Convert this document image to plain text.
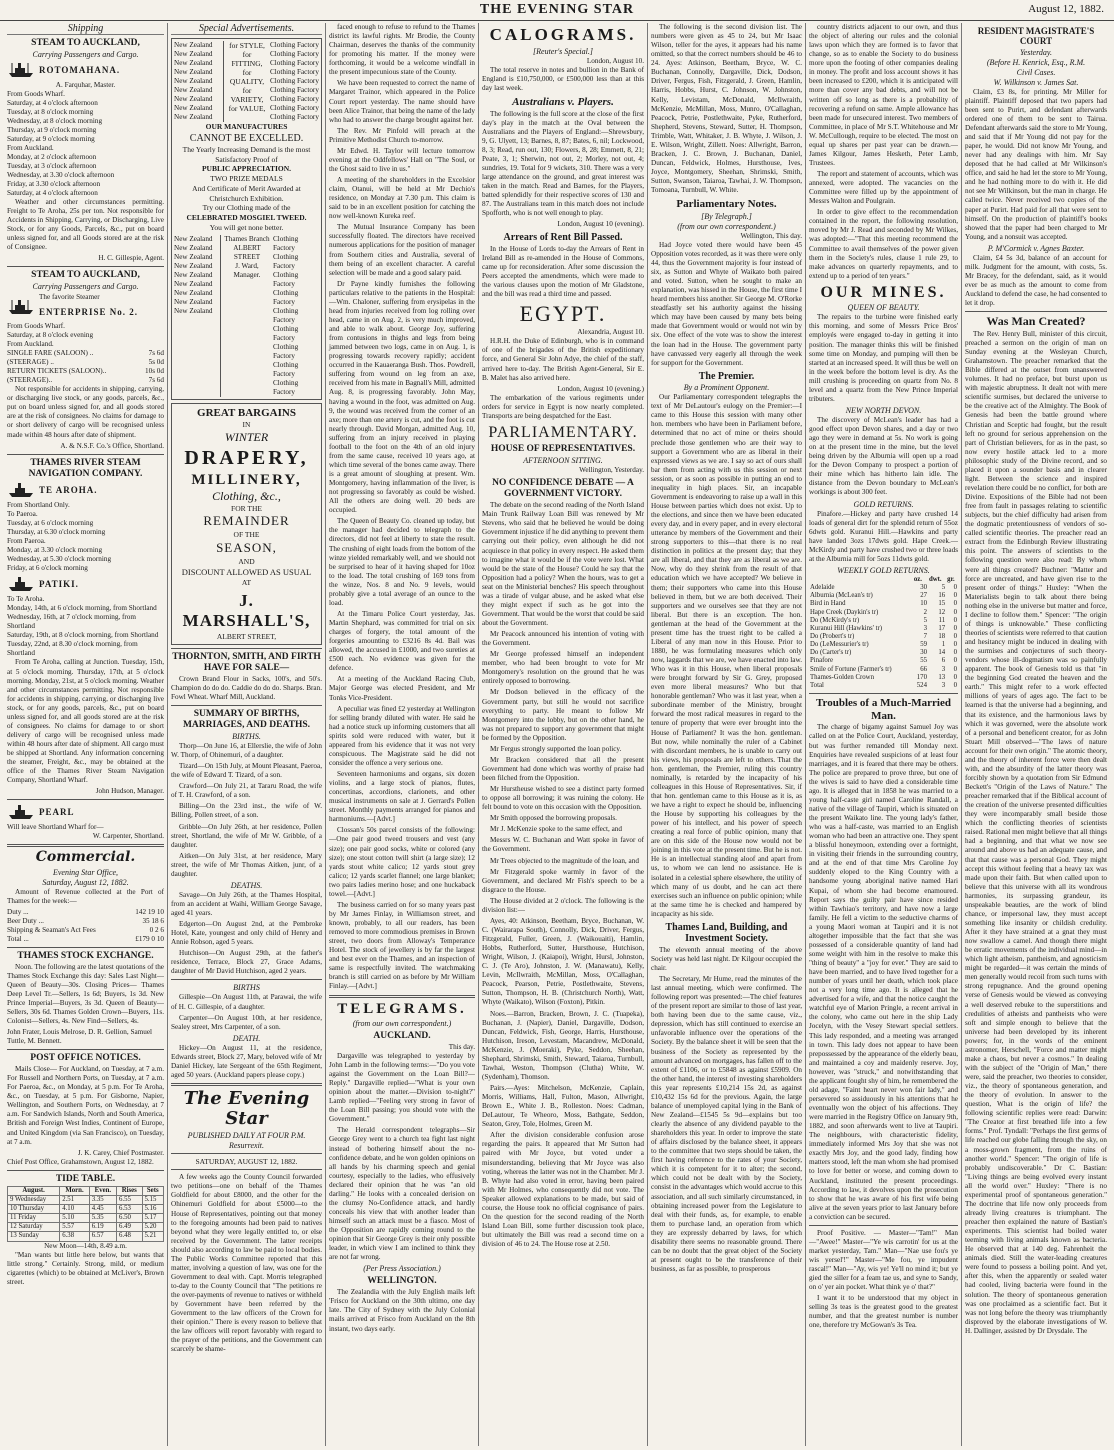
THE EVENING STAR	August 12, 1882.
Shipping
STEAM TO AUCKLAND,
Carrying Passengers and Cargo.
ROTOMAHANA.
A. Farquhar, Master.
From Goods Wharf.
Saturday, at 4 o'clock afternoon
Tuesday, at 8 o'clock morning
Wednesday, at 8 o'clock morning
Thursday, at 9 o'clock morning
Saturday, at 9 o'clock morning
From Auckland.
Monday, at 2 o'clock afternoon
Tuesday, at 3 o'clock afternoon
Wednesday, at 3.30 o'clock afternoon
Friday, at 3.30 o'clock afternoon
Saturday, at 4 o'clock afternoon

Weather and other circumstances permitting. Freight to Te Aroha, 25s per ton. Not responsible for Accidents in Shipping, Carrying, or Discharging, Live Stock, or for any Goods, Parcels, &c., put on board unless signed for, and all Goods stored are at the risk of Consignee.

H. C. Gillespie, Agent.
STEAM TO AUCKLAND,
Carrying Passengers and Cargo.
The favorite Steamer
ENTERPRISE No. 2.
From Goods Wharf.
Saturday, at 8 o'clock evening
From Auckland.
SINGLE FARE (SALOON) ..	7s 6d
(STEERAGE) ..	5s 0d
RETURN TICKETS (SALOON)..	10s 0d
(STEERAGE)..	7s 6d

Not responsible for accidents in shipping, carrying, or discharging live stock, or any goods, parcels, &c., put on board unless signed for, and all goods stored are at the risk of consignees. No claims for damage to or short delivery of cargo will be recognised unless made within 48 hours after date of shipment.

A. & N.S.F. Co.'s Office, Shortland.
THAMES RIVER STEAM NAVIGATION COMPANY.
TE AROHA.
From Shortland Only.
To Paeroa.
Tuesday, at 6 o'clock morning
Thursday, at 6.30 o'clock morning
From Paeroa.
Monday, at 3.30 o'clock morning
Wednesday, at 5.30 o'clock morning
Friday, at 6 o'clock morning
PATIKI.
To Te Aroha.
Monday, 14th, at 6 o'clock morning, from Shortland
Wednesday, 16th, at 7 o'clock morning, from Shortland
Saturday, 19th, at 8 o'clock morning, from Shortland
Tuesday, 22nd, at 8.30 o'clock morning, from Shortland

From Te Aroha, calling at Junction. Tuesday, 15th, at 5 o'clock morning. Thursday, 17th, at 5 o'clock morning. Monday, 21st, at 5 o'clock morning. Weather and other circumstances permitting. Not responsible for accidents in shipping, carrying, or discharging live stock, or for any goods, parcels, &c., put on board unless signed for, and all goods stored are at the risk of consignees. No claims for damage to or short delivery of cargo will be recognised unless made within 48 hours after date of shipment. All cargo must be shipped at Shortland. Any information concerning the steamer, Freight, &c., may be obtained at the office of the Thames River Steam Navigation Company, Shortland Wharf.

John Hudson, Manager.
PEARL
Will leave Shortland Wharf for—
W. Carpenter, Shortland.
Commercial.
Evening Star Office,
Saturday, August 12, 1882.

Amount of Revenue collected at the Port of Thames for the week:—

Duty ...	142 19 10
Beer Duty ...	35 18 6
Shipping & Seaman's Act Fees	0 2 6
Total ...	£179 0 10
THAMES STOCK EXCHANGE.

Noon. The following are the latest quotations of the Thames Stock Exchange this day: Sales Last Night— Queen of Beauty—30s. Closing Prices— Thames Deep Level Tr.—Sellers, 1s 6d; Buyers, 1s 3d. New Prince Imperial—Buyers, 3s 3d. Queen of Beauty—Sellers, 30s 6d. Thames Golden Crown—Buyers, 11s. Colonist—Sellers, 4s. New Find—Sellers, 4s.

John Frater, Louis Melrose, D. R. Gellion, Samuel Tuttle, M. Bennett.
POST OFFICE NOTICES.

Mails Close— For Auckland, on Tuesday, at 7 a.m. For Russell and Northern Ports, on Tuesday, at 7 a.m. For Paeroa, &c., on Monday, at 5 p.m. For Te Aroha, &c., on Tuesday, at 5 p.m. For Gisborne, Napier, Wellington, and Southern Ports, on Wednesday, at 7 a.m. For Sandwich Islands, North and South America, British and Foreign West Indies, Continent of Europe, and United Kingdom (via San Francisco), on Tuesday, at 7 a.m.

J. K. Carey, Chief Postmaster.
Chief Post Office, Grahamstown, August 12, 1882.
TIDE TABLE.
August.	Morn.	Even.	Rises	Sets
9 Wednesday	2.51	3.35	6.55	5.15
10 Thursday	4.10	4.45	6.53	5.16
11 Friday	5.10	5.35	6.50	5.17
12 Saturday	5.57	6.19	6.49	5.20
13 Sunday	6.38	6.57	6.48	5.21
New Moon—14th, 8.49 a.m.

"Man wants but little here below, but wants that little strong." Certainly. Strong, mild, or medium cigarettes (which) to be obtained at McLiver's, Brown street.

Special Advertisements.
New Zealand
New Zealand
New Zealand
New Zealand
New Zealand
New Zealand
New Zealand
New Zealand
New Zealand
for STYLE, for FITTING, for QUALITY, for VARIETY, for VALUE,
Clothing Factory
Clothing Factory
Clothing Factory
Clothing Factory
Clothing Factory
Clothing Factory
Clothing Factory
Clothing Factory
Clothing Factory
OUR MANUFACTURES
CANNOT BE EXCELLED.
The Yearly Increasing Demand is the most Satisfactory Proof of
PUBLIC APPRECIATION.
TWO PRIZE MEDALS
And Certificate of Merit Awarded at Christchurch Exhibition.
Try our Clothing made of the
CELEBRATED MOSGIEL TWEED.
You will get none better.
New Zealand
New Zealand
New Zealand
New Zealand
New Zealand
New Zealand
New Zealand
New Zealand
New Zealand
Thames Branch
ALBERT STREET
J. Ward,
Manager.
Clothing Factory
Clothing Factory
Clothing Factory
Clothing Factory
Clothing Factory
Clothing Factory
Clothing Factory
Clothing Factory
Clothing Factory
GREAT BARGAINS
IN
WINTER
DRAPERY,
MILLINERY,
Clothing, &c.,
FOR THE
REMAINDER
OF THE
SEASON,
AND
DISCOUNT ALLOWED AS USUAL
AT
J. MARSHALL'S,
ALBERT STREET,
THORNTON, SMITH, AND FIRTH HAVE FOR SALE—

Crown Brand Flour in Sacks, 100's, and 50's. Champion do do do. Caddie do do do. Sharps. Bran. Fowl Wheat. Wharf Mill, Auckland.

SUMMARY OF BIRTHS, MARRIAGES, AND DEATHS.
BIRTHS.

Thorp—On June 16, at Ellerslie, the wife of John W. Thorp, of Ohinemuri, of a daughter.

Tizard—On 15th July, at Mount Pleasant, Paeroa, the wife of Edward T. Tizard, of a son.

Crawford—On July 21, at Tararu Road, the wife of T. H. Crawford, of a son.

Billing—On the 23rd inst., the wife of W. Billing, Pollen street, of a son.

Gribble—On July 26th, at her residence, Pollen street, Shortland, the wife of Mr W. Gribble, of a daughter.

Aitken—On July 31st, at her residence, Mary street, the wife of Mr Thomas Aitken, junr, of a daughter.

DEATHS.

Savage—On July 26th, at the Thames Hospital, from an accident at Waihi, William George Savage, aged 41 years.

Edgerton—On August 2nd, at the Pembroke Hotel, Kate, youngest and only child of Henry and Annie Robson, aged 5 years.

Hutchison—On August 29th, at the father's residence, Terrace, Block 27, Grace Adams, daughter of Mr David Hutchison, aged 2 years.

BIRTHS

Gillespie—On August 11th, at Parawai, the wife of H. C. Gillespie, of a daughter.

Carpenter—On August 10th, at her residence, Sealey street, Mrs Carpenter, of a son.

DEATH.

Hickey—On August 11, at the residence, Edwards street, Block 27, Mary, beloved wife of Mr Daniel Hickey, late Sergeant of the 65th Regiment, aged 50 years. (Auckland papers please copy.)

The Evening Star
PUBLISHED DAILY AT FOUR P.M.
Resurrexit.
SATURDAY, AUGUST 12, 1882.

A few weeks ago the County Council forwarded two petitions—one on behalf of the Thames Goldfield for about £8000, and the other for the Ohinemuri Goldfield for about £5000—to the House of Representatives, pointing out that money to the foregoing amounts had been paid to natives beyond what they were legally entitled to, or else received by the Government. The latter receipts should also according to law be paid to local bodies. The Public Works Committee reported that this matter, involving a question of law, was one for the Government to deal with. Capt. Morris telegraphed to-day to the County Council that "The petitions re the over-payments of revenue to natives or withheld by Government have been referred by the Government to the law officers of the Crown for their opinion." There is every reason to believe that the law officers will report favorably with regard to the prayer of the petitions, and the Government can scarcely be shame-

faced enough to refuse to refund to the Thames district its lawful rights. Mr Brodie, the County Chairman, deserves the thanks of the community for promoting his matter. If the money were forthcoming, it would be a welcome windfall in the present impecunious state of the County.

We have been requested to correct the name of Margaret Trainor, which appeared in the Police Court report yesterday. The name should have been Alice Trainor, that being the name of the lady who had to answer the charge brought against her.

The Rev. Mr Pinfold will preach at the Primitive Methodist Church to-morrow.

Mr Edwd. H. Taylor will lecture tomorrow evening at the Oddfellows' Hall on "The Soul, or the Ghost said to live in us."

A meeting of the shareholders in the Excelsior claim, Otanui, will be held at Mr Dechio's residence, on Monday at 7.30 p.m. This claim is said to be in an excellent position for catching the now well-known Kureka reef.

The Mutual Insurance Company has been successfully floated. The directors have received numerous applications for the position of manager from Southern cities and Australia, several of them being of an excellent character. A careful selection will be made and a good salary paid.

Dr Payne kindly furnishes the following particulars relative to the patients in the Hospital:—Wm. Chaloner, suffering from erysipelas in the head from injuries received from log rolling over head, came in on Aug. 2, is very much improved, and able to walk about. George Joy, suffering from contusions in thighs and legs from being jammed between two logs, came in on Aug. 1, is progressing towards recovery rapidly; accident occurred in the Kauaeranga Bush. Thos. Powdrell, suffering from wound on leg from an axe, received from his mate in Bagnall's Mill, admitted Aug. 8, is progressing favorably. John May, having a wound in the foot, was admitted on Aug. 9, the wound was received from the corner of an axe; more than one artery is cut, and the foot is cut nearly through. David Morgan, admitted Aug. 10, suffering from an injury received in playing football to the foot on the 4th of an old injury from the same cause, received 10 years ago, at which time several of the bones came away. There is a great amount of sloughing at present. Wm. Montgomery, having inflammation of the liver, is not progressing so favorably as could be wished. All the others are doing well. 20 beds are occupied.

The Queen of Beauty Co. cleaned up today, but the manager had decided to telegraph to the directors, did not feel at liberty to state the result. The crushing of eight loads from the bottom of the winze yielded remarkably well, and we should not be surprised to hear of it having shaped for 10oz to the load. The total crushing of 169 tons from the winze, Nos. 8 and No. 9 levels, would probably give a total average of an ounce to the load.

At the Timaru Police Court yesterday, Jas. Martin Shephard, was committed for trial on six charges of forgery, the total amount of the forgeries amounting to £3216 8s 4d. Bail was allowed, the accused in £1000, and two sureties at £500 each. No evidence was given for the defence.

At a meeting of the Auckland Racing Club, Major George was elected President, and Mr Tonks Vice-President.

A peculiar was fined £2 yesterday at Wellington for selling brandy diluted with water. He said he had a notice stuck up informing customers that all spirits sold were reduced with water, but it appeared from his evidence that it was not very conspicuous. The Magistrate said he did not consider the offence a very serious one.

Seventeen harmoniums and organs, six dozen violins, and a large stock of pianos, flutes, concertinas, accordions, clarionets, and other musical instruments on sale at J. Gerrard's Pollen street. Monthly payments arranged for pianos and harmoniums.—[Advt.]

Clossan's 50s parcel consists of the following:—One pair good tweed trousers and vest (any size); one pair good socks, white or colored (any size); one stout cotton twill shirt (a large size); 12 yards stout white calico; 12 yards stout grey calico; 12 yards scarlet flannel; one large blanket; two pairs ladies merino hose; and one huckaback towel.—[Advt.]

The business carried on for so many years past by Mr James Finlay, in Williamson street, and known, probably, to all our readers, has been removed to more commodious premises in Brown street, two doors from Alloway's Temperance Hotel. The stock of jewellery is by far the largest and best ever on the Thames, and an inspection of same is respectfully invited. The watchmaking branch is still carried on as before by Mr William Finlay.—[Advt.]

TELEGRAMS.
(from our own correspondent.)
AUCKLAND.
This day.

Dargaville was telegraphed to yesterday by John Lamb in the following terms:—"Do you vote against the Government on the Loan Bill?—Reply." Dargaville replied—"What is your own opinion about the matter.—Division to-night?" Lamb replied—"Feeling very strong in favor of the Loan Bill passing; you should vote with the Government."

The Herald correspondent telegraphs—Sir George Grey went to a church tea fight last night instead of bothering himself about the no-confidence debate, and he won golden opinions on all hands by his charming speech and genial courtesy, especially to the ladies, who effusively declared their opinion that he was "an old darling." He looks with a concealed derision on the clumsy No-Confidence attack, and hardly conceals his view that with another leader than himself such an attack must be a fiasco. Most of the Opposition are rapidly coming round to the opinion that Sir George Grey is their only possible leader, in which view I am inclined to think they are not far wrong.

(Per Press Association.)
WELLINGTON.

The Zealandia with the July English mails left 'Frisco for Auckland on the 30th ultimo, one day late. The City of Sydney with the July Colonial mails arrived at Frisco from Auckland on the 8th instant, two days early.

CALOGRAMS.
[Reuter's Special.]
London, August 10.

The total reserve in notes and bullion in the Bank of England is £10,750,000, or £500,000 less than at this day last week.

Australians v. Players.

The following is the full score at the close of the first day's play in the match at the Oval between the Australians and the Players of England:—Shrewsbury, 9, G. Ulyett, 13; Barnes, 8, 87; Bates, 6, nil; Lockwood, 8, 3; Read, run out, 130; Flowers, 8, 28; Emmett, 8, 21; Peate, 3, 1; Sherwin, not out, 2; Morley, not out, 4; sundries, 19. Total for 9 wickets, 310. There was a very large attendance on the ground, and great interest was taken in the match. Read and Barnes, for the Players, batted splendidly for their respective scores of 130 and 87. The Australians team in this match does not include Spofforth, who is not well enough to play.

London, August 10 (evening).
Arrears of Rent Bill Passed.

In the House of Lords to-day the Arrears of Rent in Ireland Bill as re-amended in the House of Commons, came up for reconsideration. After some discussion the Peers accepted the amendments, which were made to the various clauses upon the motion of Mr Gladstone, and the bill was read a third time and passed.

EGYPT.
Alexandria, August 10.

H.R.H. the Duke of Edinburgh, who is in command of one of the brigades of the British expeditionary force, and General Sir John Adye, the chief of the staff, arrived here to-day. The British Agent-General, Sir E. B. Malet has also arrived here.

London, August 10 (evening.)

The embarkation of the various regiments under orders for service in Egypt is now nearly completed. Transports are being despatched for the East.

PARLIAMENTARY.
HOUSE OF REPRESENTATIVES.
AFTERNOON SITTING.
Wellington, Yesterday.
NO CONFIDENCE DEBATE — A GOVERNMENT VICTORY.

The debate on the second reading of the North Island Main Trunk Railway Loan Bill was renewed by Mr Stevens, who said that he believed he would be doing Government injustice if he did anything to prevent them carrying out their policy, even although he did not acquiesce in that policy in every respect. He asked them to imagine what it would be if the vote were lost. What would be the state of the House? Could he say that the Opposition had a policy? When the hours, was to get a seat on the Ministerial benches? His speech throughout was a tirade of vulgar abuse, and he asked what else they might expect if such as he got into the Government. That would be the worst that could be said about the Government.

Mr Peacock announced his intention of voting with the Government.

Mr George professed himself an independent member, who had been brought to vote for Mr Montgomery's resolution on the ground that he was entirely opposed to borrowing.

Mr Dodson believed in the efficacy of the Government party, but still he would not sacrifice everything to party. He meant to follow Mr Montgomery into the lobby, but on the other hand, he was not prepared to support any government that might be formed by the Opposition.

Mr Fergus strongly supported the loan policy.

Mr Bracken considered that all the present Government had done which was worthy of praise had been filched from the Opposition.

Mr Hurstheuse wished to see a distinct party formed to oppose all borrowing; it was ruining the colony. He felt bound to vote on this occasion with the Opposition.

Mr Smith opposed the borrowing proposals.

Mr J. McKenzie spoke to the same effect, and

Messrs W. C. Buchanan and Watt spoke in favor of the Government.

Mr Trees objected to the magnitude of the loan, and

Mr Fitzgerald spoke warmly in favor of the Government, and declared Mr Fish's speech to be a disgrace to the House.

The House divided at 2 o'clock. The following is the division list:—

Ayes, 40: Atkinson, Beetham, Bryce, Buchanan, W. C. (Wairarapa South), Connolly, Dick, Driver, Fergus, Fitzgerald, Fuller, Green, J. (Waikouaiti), Hamlin, Hobbs, Rutherford, Sutter, Hursthouse, Hutchison, Wright, Wilson, J. (Kaiapoi), Wright, Hursl, Johnston, C. J. (Te Aro), Johnston, J. W. (Manawatu), Kelly, Levin, McIlwraith, McMillan, Moss, O'Callaghan, Peacock, Pearson, Petrie, Postlethwaite, Stevens, Sutton, Thompson, H. B. (Christchurch North), Watt, Whyte (Waikato), Wilson (Foxton), Pitkin.

Noes.—Barron, Bracken, Brown, J. C. (Tuapeka), Buchanan, J. (Napier), Daniel, Dargaville, Dodson, Duncan, Feldwick, Fish, George, Harris, Hursthouse, Hutchison, Ireson, Levestam, Macandrew, McDonald, McKenzie, J. (Moeraki), Pyke, Seddon, Sheehan, Shephard, Shrimski, Smith, Steward, Taiaroa, Turnbull, Tawhai, Weston, Thompson (Clutha) White, W. (Sydenham), Thomson.

Pairs.—Ayes: Mitchelson, McKenzie, Caplain, Morris, Williams, Hall, Fulton, Mason, Allwright, Brown E., White J. B., Rolleston. Noes: Cadman, DeLautour, Te Wheoro, Moss, Bathgate, Seddon, Seaton, Grey, Tole, Holmes, Green M.

After the division considerable confusion arose regarding the pairs. It appeared that Mr Sutton had paired with Mr Joyce, but voted under a misunderstanding, believing that Mr Joyce was also voting, whereas the latter was not in the Chamber. Mr J. B. Whyte had also voted in error, having been paired with Mr Holmes, who consequently did not vote. The Speaker allowed explanations to be made, but said of course, the House took no official cognisance of pairs. On the question for the second reading of the North Island Loan Bill, some further discussion took place, but ultimately the Bill was read a second time on a division of 46 to 24. The House rose at 2.50.

The following is the second division list. The numbers were given as 45 to 24, but Mr Isaac Wilson, teller for the ayes, it appears had his name omitted, so that the correct numbers should be 46 to 24. Ayes: Atkinson, Beetham, Bryce, W. C. Buchanan, Connolly, Dargaville, Dick, Dodson, Driver, Fergus, Fish, Fitzgerald, J. Green, Hamlin, Harris, Hobbs, Hurst, C. Johnson, W. Johnston, Kelly, Levistam, McDonald, McIlwraith, McKenzie, McMillan, Moss, Munro, O'Callaghan, Peacock, Petrie, Postlethwaite, Pyke, Rutherford, Shepherd, Stevens, Steward, Sutter, H. Thompson, Trimble, Watt, Whitaker, J. B. Whyte, J. Wilson, J. E. Wilson, Wright, Zillett. Noes: Allwright, Barron, Bracken, J. C. Brown, J. Buchanan, Daniel, Duncan, Feldwick, Holmes, Hursthouse, Ives, Joyce, Montgomery, Sheehan, Shrimski, Smith, Sutton, Swanson, Taiaroa, Tawhai, J. W. Thompson, Tomoana, Turnbull, W. White.

Parliamentary Notes.
[By Telegraph.]
(from our own correspondent.)
Wellington, This day.

Had Joyce voted there would have been 45 Opposition votes recorded, as it was there were only 44, thus the Government majority is four instead of six, as Sutton and Whyte of Waikato both paired and voted. Sutton, when he sought to make an explanation, was hissed in the House, the first time I heard members hiss another. Sir George M. O'Rorke steadfastly set his authority against the hissing which may have been caused by many bets being made that Government would or would not win by six. One effect of the vote was to show the interest the loan had in the House. The government party have canvassed very eagerly all through the week for support for the Government.

The Premier.
By a Prominent Opponent.

Our Parliamentary correspondent telegraphs the text of Mr DeLautour's eulogy on the Premier:—I came to this House this session with many other hon. members who have been in Parliament before, determined that no act of mine or theirs should preclude those gentlemen who are their way to support a Government who are as liberal in their expressed views as we are. I say so act of ours shall bar them from acting with us this session or next session, or as soon as possible in putting an end to inequality in high places. Sir, an incapable Government is endeavoring to raise up a wall in this House between parties which does not exist. Up to the elections, and since then we have been educated every day, and in every paper, and in every electoral utterance by members of the Government and their strong supporters to this—that there is no real distinction in politics at the present day; that they are all liberal, and that they are as liberal as we are. Now, why do they shrink from the result of that education which we have accepted? We believe in them; their supporters who came into this House believed in them, but we are both deceived. Their supporters and we ourselves see that they are not liberal. But there is an exception. The hon. gentleman at the head of the Government at the present time has the truest right to be called a Liberal of any man now in this House. Prior to 1880, he was formulating measures which only now, laggards that we are, we have enacted into law. Who was it in this House, when liberal proposals were brought forward by Sir G. Grey, proposed even more liberal measures? Who but that honorable gentleman? Who was it last year, when a subordinate member of the Ministry, brought forward the most radical measures in regard to the tenure of property that were ever brought into the House of Parliament? It was the hon. gentleman. But now, while nominally the ruler of a Cabinet with discordant members, he is unable to carry out his views, his proposals are left to others. That the hon. gentleman, the Premier, ruling this country nominally, is retarded by the incapacity of his colleagues in this House of Representatives. Sir, if that hon. gentleman came to this House as it is, as we have a right to expect he should be, influencing the House by supporting his colleagues by the power of his intellect, and his power of speech creating a real force of public opinion, many that are on this side of the House now would not be joining in this vote at the present time. But he is not. He is an intellectual standing aloof and apart from us, to whom we can lend no assistance. He is isolated in a celestial sphere elsewhere, the utility of which many of us doubt, and he can act there exercises such an influence on public opinion; while at the same time he is checked and hampered by incapacity as his side.

Thames Land, Building, and Investment Society.

The eleventh annual meeting of the above Society was held last night. Dr Kilgour occupied the chair.

The Secretary, Mr Hume, read the minutes of the last annual meeting, which were confirmed. The following report was presented:—The chief features of the present report are similar to those of last year, both having been due to the same cause, viz., depression, which has still continued to exercise an unfavorable influence over the operations of the Society. By the balance sheet it will be seen that the business of the Society as represented by the amount advanced on mortgages, has fallen off to the extent of £1106, or to £5848 as against £5909. On the other hand, the interest of investing shareholders this year represents £10,214 15s 2d, as against £10,432 15s 6d for the previous. Again, the large balance of unemployed capital lying in the Bank of New Zealand—£1545 5s 9d—explains but too clearly the absence of any dividend payable to the shareholders this year. In order to improve the state of affairs disclosed by the balance sheet, it appears to the committee that two steps should be taken, the first having reference to the rates of your Society, which it is competent for it to alter; the second, which could not be dealt with by the Society, consist in the advantages which would accrue to this association, and all such similarly circumstanced, in obtaining increased power from the Legislature to deal with their funds, as, for example, to enable them to purchase land, an operation from which they are expressly debarred by laws, for which disability there seems no reasonable ground. There can be no doubt that the great object of the Society at present ought to be the transference of their business, as far as possible, to prosperous

country districts adjacent to our own, and thus the object of altering our rules and the colonial laws upon which they are formed is to favor that change, so as to enable the Society to do business more upon the footing of other companies dealing in money. The profit and loss account shows it has been increased to £200, which it is anticipated will more than cover any bad debts, and will not be written off so long as there is a probability of recovering a refund on same. Ample allowance has been made for unsecured interest. Two members of Committee, in place of Mr S.T. Whitehouse and Mr W. McCullough, require to be elected. The most on equal up shares per past year can be drawn.—James Kilgour, James Hesketh, Peter Lamb, Trustees.

The report and statement of accounts, which was annexed, were adopted. The vacancies on the Committee were filled up by the appointment of Messrs Walton and Poulgrain.

In order to give effect to the recommendation contained in the report, the following resolution, moved by Mr J. Read and seconded by Mr Wilkes, was adopted:—"That this meeting recommend the Committee to avail themselves of the power given them in the Society's rules, clause 1 rule 29, to make advances on quarterly repayments, and to extend up to a period of ten years."

OUR MINES.
QUEEN OF BEAUTY.

The repairs to the turbine were finished early this morning, and some of Messrs Price Bros' employés were engaged to-day in getting it into position. The manager thinks this will be finished some time on Monday, and pumping will then be started at an increased speed. It will thus be well on in the week before the bottom level is dry. As the mill crushing is proceeding on quartz from No. 8 level and a quartz from the New Prince Imperial tributers.

NEW NORTH DEVON.

The discovery of McLean's leader has had a good effect upon Devon shares, and a day or two ago they were in demand at 5s. No work is going on at the present time in the mine, but the level being driven by the Alburnia will open up a road for the Devon Company to prospect a portion of their mine which has hitherto lain idle. The distance from the Devon boundary to McLean's workings is about 300 feet.

GOLD RETURNS.

Pinafore.—Hickey and party have crushed 14 loads of general dirt for the splendid return of 55oz 6dwts gold. Kuranui Hill.—Hawkins and party have landed 3ozs 17dwts gold. Hape Creek.—McKirdy and party have crushed two or three loads at the Alburnia mill for 5ozs 11dwts gold.

WEEKLY GOLD RETURNS.
	oz.	dwt.	gr.
Adelaide	30	5	0
Alburnia (McLean's tr)	27	16	0
Bird in Hand	10	15	0
Hape Creek (Daykin's tr)	2	12	0
Do (McKirdy's tr)	5	11	0
Kuranui Hill (Hawkins' tr)	3	17	0
Do (Probert's tr)	7	18	0
Do (LeMessurier's tr)	59	1	0
Do (Carter's tr)	30	14	0
Pinafore	55	6	0
Smile of Fortune (Farmer's tr)	66	3	0
Thames-Golden Crown	170	13	0
Total	524	3	0
Troubles of a Much-Married Man.

The charge of bigamy against Samuel Joy was called on at the Police Court, Auckland, yesterday, but was further remanded till Monday next. Enquiries have revealed suspicions of at least four marriages, and it is feared that there may be others. The police are prepared to prove three, but one of the wives is said to have died a considerable time ago. It is alleged that in 1858 he was married to a young half-caste girl named Caroline Randall, a native of the village of Taupiri, which is situated on the present Waikato line. The young lady's father, who was a half-caste, was married to an English woman who had been an attractive one. They spent a blissful honeymoon, extending over a fortnight, in visiting their friends in the surrounding country, and at the end of that time Mrs Caroline Joy suddenly eloped to the King Country with a handsome young aboriginal native named Hari Kupai, of whom she had become enamoured. Report says the guilty pair have since resided within Tawhiao's territory, and have now a large family. He fell a victim to the seductive charms of a young Maori woman at Taupiri and it is not altogether impossible that the fact that she was possessed of a considerable quantity of land had some weight with him in the resolve to make this "thing of beauty" a "joy for ever." They are said to have been married, and to have lived together for a number of years until her death, which took place not a very long time ago. It is alleged that he advertised for a wife, and that the notice caught the watchful eye of Marion Pringle, a recent arrival in the colony, who came out here in the ship Lady Jocelyn, with the Vesey Stewart special settlers. This lady responded, and a meeting was arranged in town. This lady does not appear to have been prepossessed by the appearance of the elderly beau, and maintained a coy and maidenly reserve. Joy, however, was "struck," and notwithstanding that the applicant fought shy of him, he remembered the old adage, "Faint heart never won fair lady," and persevered so assiduously in his attentions that he eventually won the object of his affections. They were married in the Registry Office on January 9th, 1882, and soon afterwards went to live at Taupiri. The neighbours, with characteristic fidelity, immediately informed Mrs Joy that she was not exactly Mrs Joy, and the good lady, finding how matters stood, left the man whom she had promised to love for better or worse, and coming down to Auckland, instituted the present proceedings. According to law, it devolves upon the prosecution to show that he was aware of his first wife being alive at the seven years prior to last January before a conviction can be secured.

Proof Positive. — Master—"Tam!" Man—"Awee!" Master—"Ye wis carrotin' for us at the market yesterday, Tam." Man—"Nae use fou's ye wis yersel'!" Master—"Me fou, ye impudent rascal!" Man—"Ay, wis ye! Ye'll no mind it; but ye gied the siller for a feam tae us, and syne to Sandy, on o' yer ain pocket. What think ye o' that?"

I want it to be understood that my object in selling 3s teas is the greatest good to the greatest number, and that the greatest number is number one, therefore try McGowan's 3s Tea.

RESIDENT MAGISTRATE'S COURT
Yesterday.
(Before H. Kenrick, Esq., R.M.
Civil Cases.
W. Wilkinson v. James Sat.

Claim, £3 8s, for printing. Mr Miller for plaintiff. Plaintiff deposed that two papers had been sent to Purirt, and defendant afterwards ordered one of them to be sent to Tairua. Defendant afterwards said the store to Mr Young, and said that if Mr Young did not pay for the paper, he would. Did not know Mr Young, and never had any dealings with him. Mr Say deposed that he had called at Mr Wilkinson's office, and said he had let the store to Mr Young, and he had nothing more to do with it. He did not see Mr Wilkinson, but the man in charge. He called twice. Never received two copies of the paper at Purirt. Had paid for all that were sent to himself. On the production of plaintiff's books showed that the paper had been charged to Mr Young, and a nonsuit was accepted.

P. M'Cormick v. Agnes Baxter.

Claim, £4 5s 3d, balance of an account for milk. Judgment for the amount, with costs, 5s. Mr Bracey, for the defendant, said, as it would ever be as much as the amount to come from Auckland to defend the case, he had consented to let it drop.

Was Man Created?

The Rev. Henry Bull, minister of this circuit, preached a sermon on the origin of man on Sunday evening at the Wesleyan Church, Grahamstown. The preacher remarked that the Bible differed at the outset from unanswered volumes. It had no preface, but burst upon us with majestic abruptness. It dealt not with mere scientific surmises, but declared the universe to be the creative act of the Almighty. The Book of Genesis had been the battle ground where Christian and Sceptic had fought, but the result left no ground for serious apprehension on the part of Christian believers, for as in the past, so now every hostile attack led to a more philosophic study of the Divine record, and so placed it upon a sounder basis and in clearer light. Between the science and inspired revelation there could be no conflict, for both are Divine. Expositions of the Bible had not been free from fault in passages relating to scientific subjects, but the chief difficulty had arisen from the dogmatic pretentiousness of vendors of so-called scientific theories. The preacher read an extract from the Edinburgh Review illustrating this point. The answers of scientists to the following question were also read: By whom were all things created? Buchner: "Matter and force are uncreated, and have given rise to the present order of things." Huxley: "When the Materialists begin to talk about there being nothing else in the universe but matter and force, I decline to follow them." Spencer: "The origin of things is unknowable." These conflicting theories of scientists were referred to that caution and hesitancy might be induced in dealing with the surmises and conjectures of such theory-vendors whose ill-dogmatism was so painfully apparent. The book of Genesis told us that "in the beginning God created the heaven and the earth." This might refer to a work effected millions of years of ages ago. The fact to be learned is that the universe had a beginning, and that its existence, and the harmonious laws by which it was governed, were the absolute work of a personal and beneficent creator, for as John Stuart Mill observed—"The laws of nature account for their own origin." The atomic theory, and the theory of inherent force were then dealt with, and the absurdity of the latter theory was forcibly shown by a quotation from Sir Edmund Beckett's "Origin of the Laws of Nature." The preacher remarked that if the Biblical account of the creation of the universe presented difficulties they were incomparably small beside those which the conflicting theories of scientists raised. Rational men might believe that all things had a beginning, and that what we now see around and above us had an adequate cause, and that that cause was a personal God. They might accept this without feeling that a heavy tax was made upon their faith. But when called upon to believe that this universe with all its wondrous harmonies, its surpassing grandeur, its unspeakable beauties, are the work of blind chance, or impersonal law, they must accept something like insanity or childish credulity. After it they have strained at a gnat they must now swallow a camel. And though there might be erratic movements of the individual mind—in which light atheism, pantheism, and agnosticism might be regarded—it was certain the minds of men generally would recoil from such turns with strong repugnance. And the ground opening verse of Genesis would be viewed as conveying a well deserved rebuke to the superstitions and credulities of atheists and pantheists who were soft and simple enough to believe that the universe had been developed by its inherent powers; for, in the words of the eminent astronomer, Herschell, "Force and matter might make a chaos, but never a cosmos." In dealing with the subject of the "Origin of Man," there were, said the preacher, two theories to consider, viz., the theory of spontaneous generation, and the theory of evolution. In answer to the question, What is the origin of life? the following scientific replies were read: Darwin: "The Creator at first breathed life into a few forms." Prof. Tyndall: "Perhaps the first germs of life reached our globe falling through the sky, on a moss-grown fragment, from the ruins of another world." Spencer: "The origin of life is probably undiscoverable." Dr C. Bastian: "Living things are being evolved every instant all the world over." Huxley: "There is no experimental proof of spontaneous generation." The doctrine that life now only proceeds from already living creatures is triumphant. The preacher then explained the nature of Bastian's experiments. This scientist had boiled water teeming with living animals known as bacteria. He observed that at 140 deg. Fahrenheit the animals died. Still the water-leading creatures were found to possess a boiling point. And yet, after this, when the apparently or sealed water had cooled, living bacteria were found in the solution. The theory of spontaneous generation was one proclaimed as a scientific fact. But it was not long before the theory was triumphantly disproved by the elaborate investigations of W. H. Dallinger, assisted by Dr Drysdale. The
